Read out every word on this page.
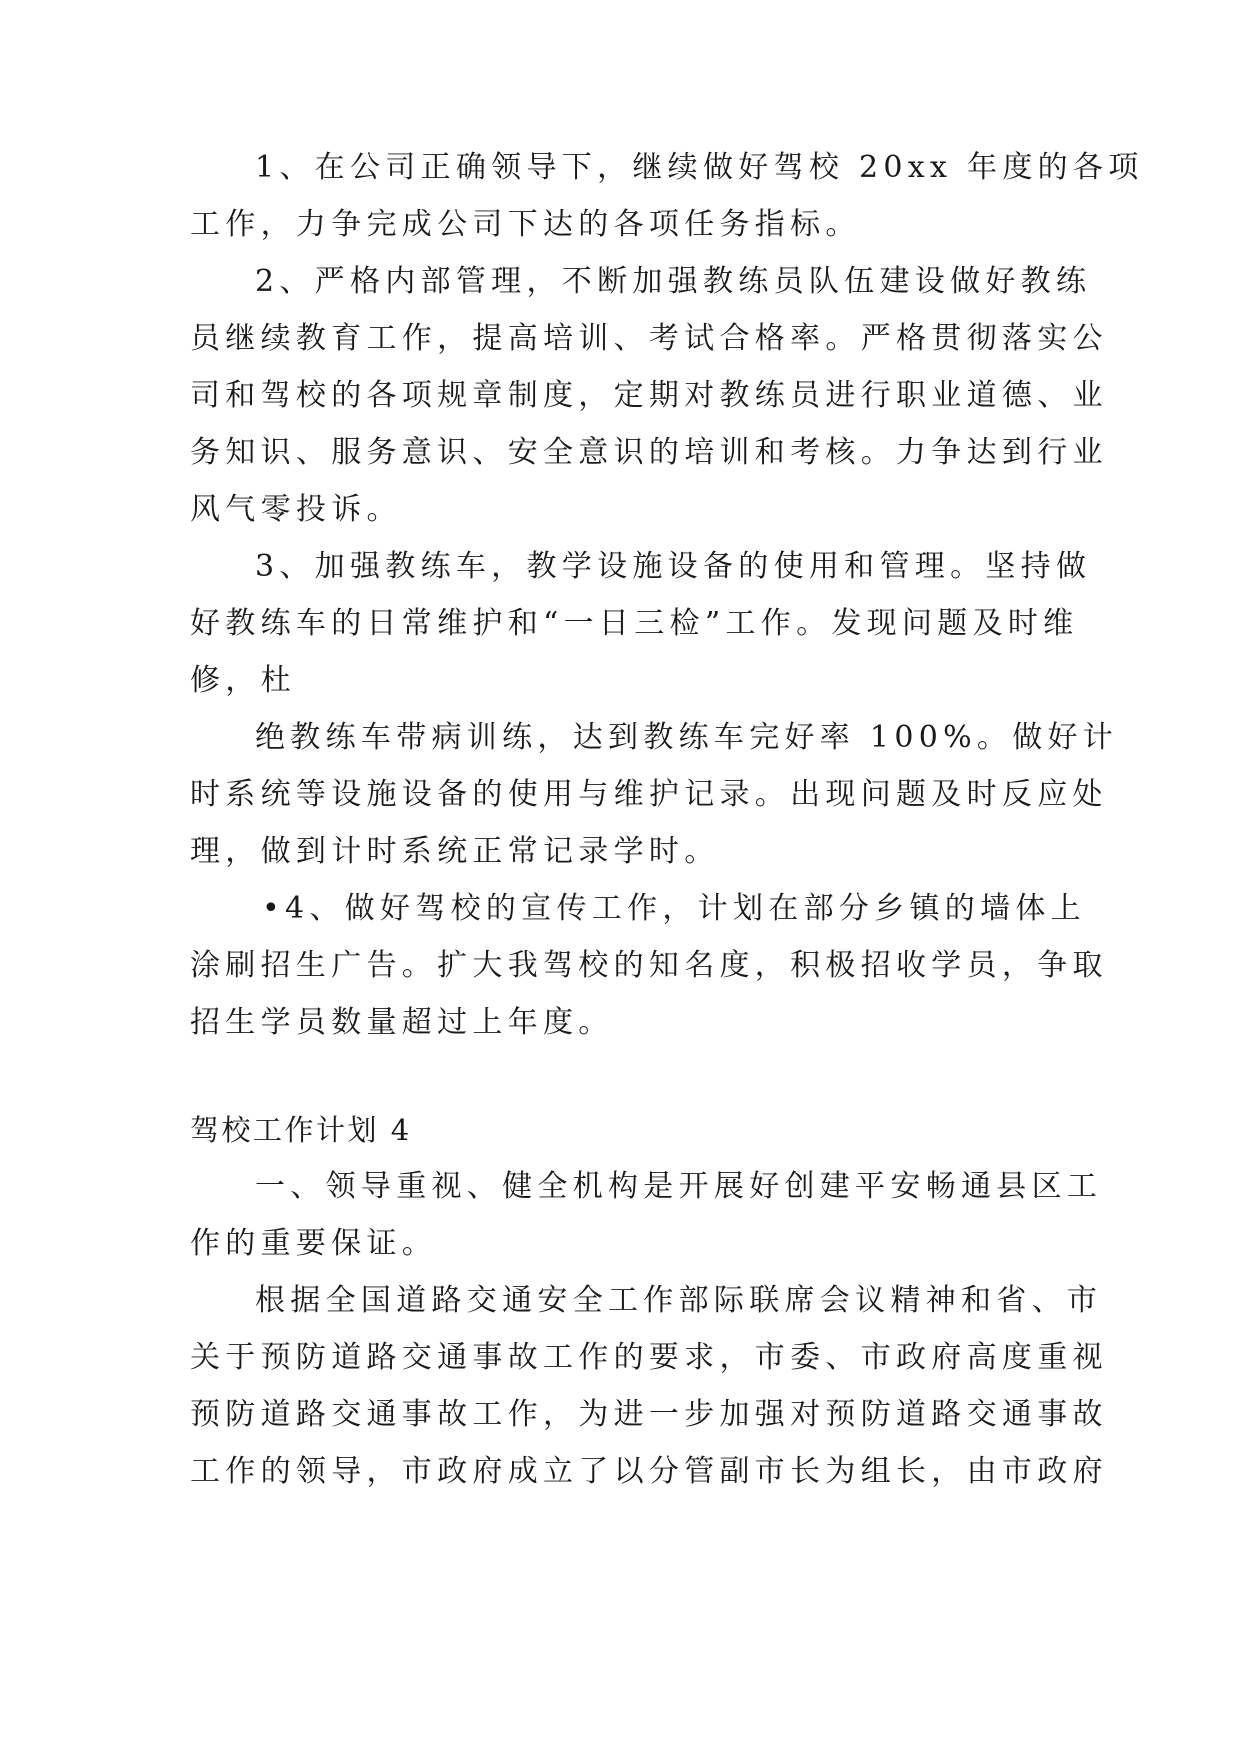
1、在公司正确领导下，继续做好驾校 20xx 年度的各项
工作，力争完成公司下达的各项任务指标。
2、严格内部管理，不断加强教练员队伍建设做好教练
员继续教育工作，提高培训、考试合格率。严格贯彻落实公
司和驾校的各项规章制度，定期对教练员进行职业道德、业
务知识、服务意识、安全意识的培训和考核。力争达到行业
风气零投诉。
3、加强教练车，教学设施设备的使用和管理。坚持做
好教练车的日常维护和“一日三检”工作。发现问题及时维
修，杜
绝教练车带病训练，达到教练车完好率 100%。做好计
时系统等设施设备的使用与维护记录。出现问题及时反应处
理，做到计时系统正常记录学时。
•4、做好驾校的宣传工作，计划在部分乡镇的墙体上
涂刷招生广告。扩大我驾校的知名度，积极招收学员，争取
招生学员数量超过上年度。
驾校工作计划 4
一、领导重视、健全机构是开展好创建平安畅通县区工
作的重要保证。
根据全国道路交通安全工作部际联席会议精神和省、市
关于预防道路交通事故工作的要求，市委、市政府高度重视
预防道路交通事故工作，为进一步加强对预防道路交通事故
工作的领导，市政府成立了以分管副市长为组长，由市政府
